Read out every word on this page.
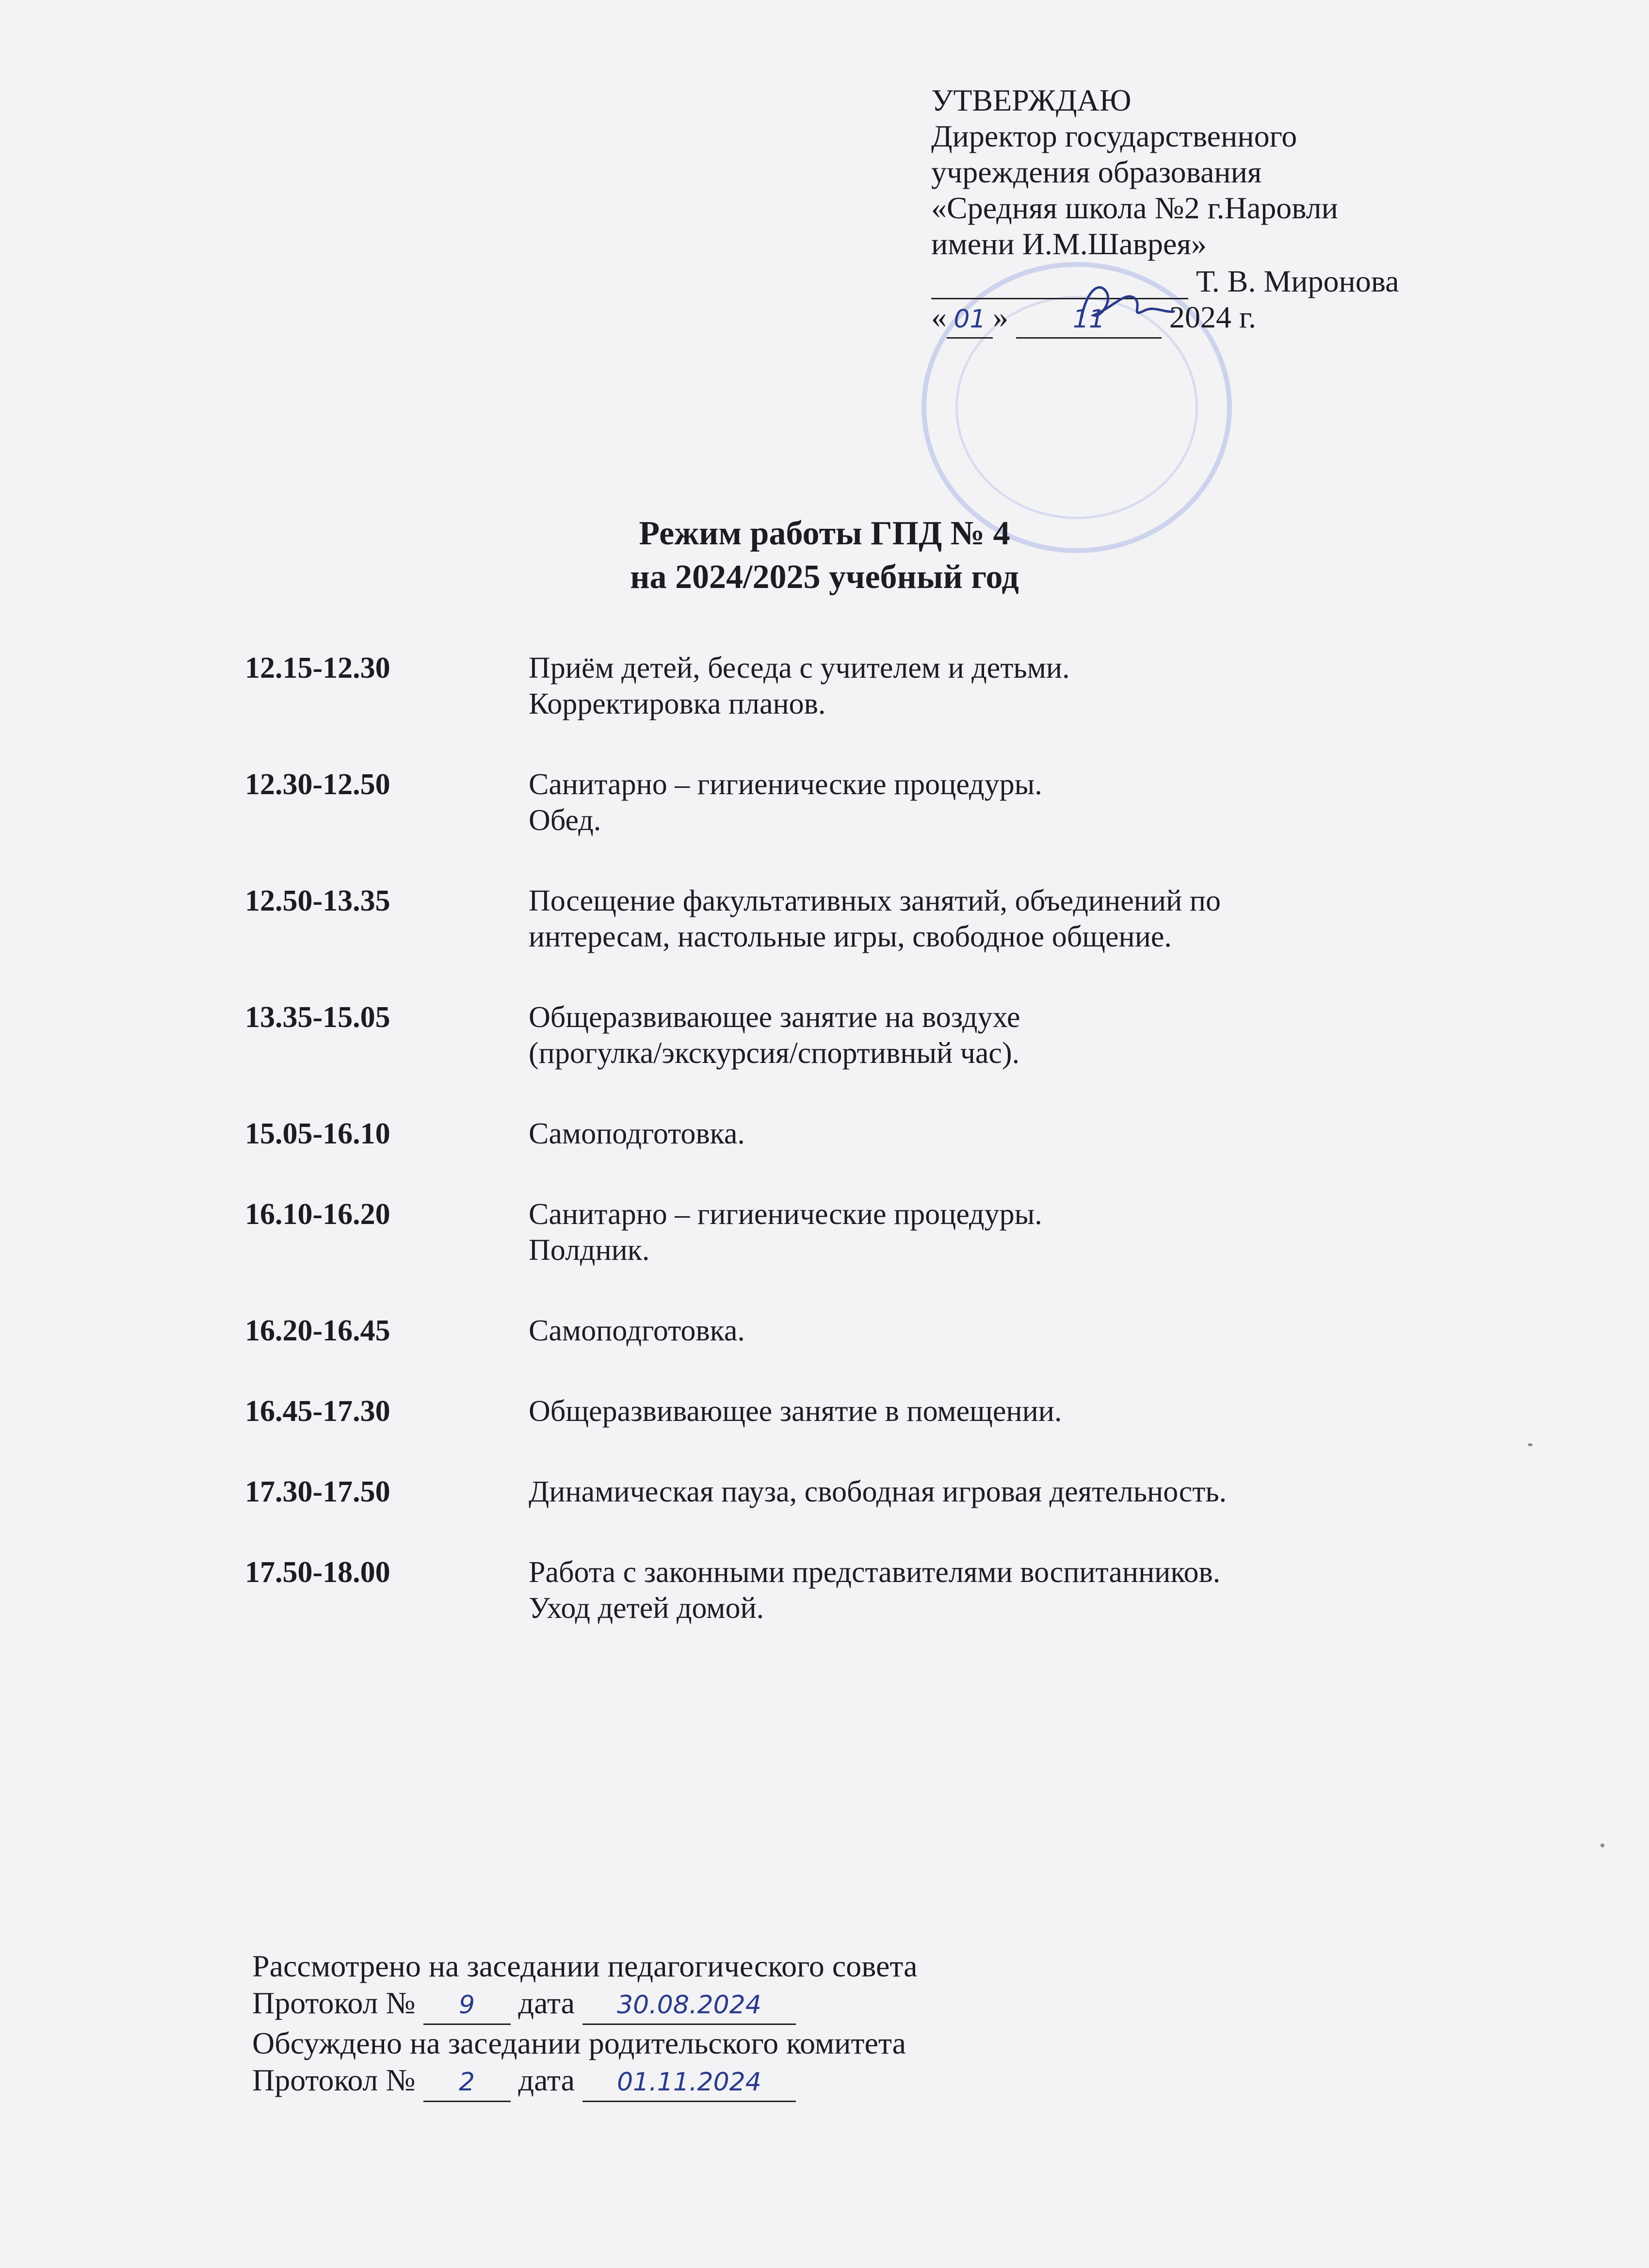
УТВЕРЖДАЮ
Директор государственного
учреждения образования
«Средняя школа №2 г.Наровли
имени И.М.Шаврея»

Т. В. Миронова
« 01 »	11 2024 г.
Режим работы ГПД № 4
на 2024/2025 учебный год
12.15-12.30	Приём детей, беседа с учителем и детьми.
Корректировка планов.
12.30-12.50	Санитарно – гигиенические процедуры.
Обед.
12.50-13.35	Посещение факультативных занятий, объединений по
интересам, настольные игры, свободное общение.
13.35-15.05	Общеразвивающее занятие на воздухе
(прогулка/экскурсия/спортивный час).
15.05-16.10	Самоподготовка.
16.10-16.20	Санитарно – гигиенические процедуры.
Полдник.
16.20-16.45	Самоподготовка.
16.45-17.30	Общеразвивающее занятие в помещении.
17.30-17.50	Динамическая пауза, свободная игровая деятельность.
17.50-18.00	Работа с законными представителями воспитанников.
Уход детей домой.
Рассмотрено на заседании педагогического совета
Протокол № 9 дата 30.08.2024
Обсуждено на заседании родительского комитета
Протокол № 2 дата 01.11.2024
